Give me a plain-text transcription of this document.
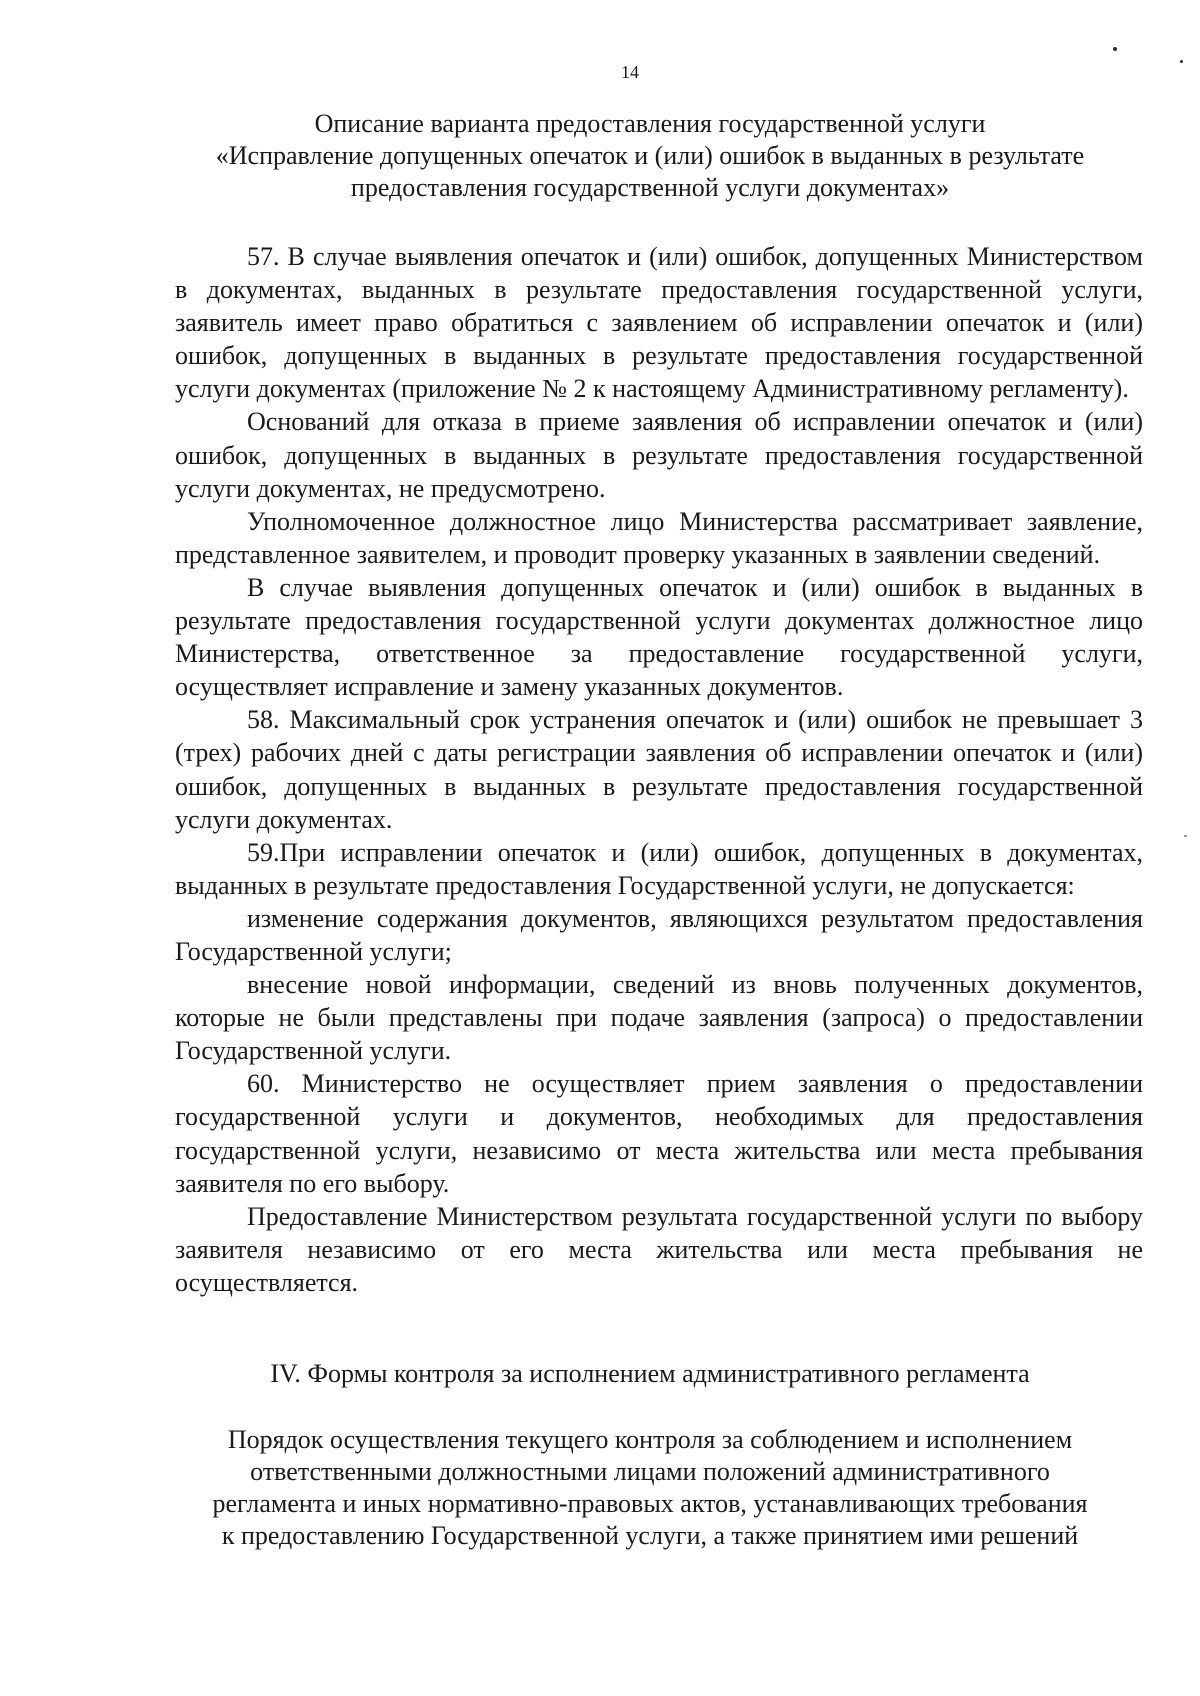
14
Описание варианта предоставления государственной услуги
«Исправление допущенных опечаток и (или) ошибок в выданных в результате
предоставления государственной услуги документах»

57. В случае выявления опечаток и (или) ошибок, допущенных Министерством в документах, выданных в результате предоставления государственной услуги, заявитель имеет право обратиться с заявлением об исправлении опечаток и (или) ошибок, допущенных в выданных в результате предоставления государственной услуги документах (приложение № 2 к настоящему Административному регламенту).

Оснований для отказа в приеме заявления об исправлении опечаток и (или) ошибок, допущенных в выданных в результате предоставления государственной услуги документах, не предусмотрено.

Уполномоченное должностное лицо Министерства рассматривает заявление, представленное заявителем, и проводит проверку указанных в заявлении сведений.

В случае выявления допущенных опечаток и (или) ошибок в выданных в результате предоставления государственной услуги документах должностное лицо Министерства, ответственное за предоставление государственной услуги, осуществляет исправление и замену указанных документов.

58. Максимальный срок устранения опечаток и (или) ошибок не превышает 3 (трех) рабочих дней с даты регистрации заявления об исправлении опечаток и (или) ошибок, допущенных в выданных в результате предоставления государственной услуги документах.

59.При исправлении опечаток и (или) ошибок, допущенных в документах, выданных в результате предоставления Государственной услуги, не допускается:

изменение содержания документов, являющихся результатом предоставления Государственной услуги;

внесение новой информации, сведений из вновь полученных документов, которые не были представлены при подаче заявления (запроса) о предоставлении Государственной услуги.

60. Министерство не осуществляет прием заявления о предоставлении государственной услуги и документов, необходимых для предоставления государственной услуги, независимо от места жительства или места пребывания заявителя по его выбору.

Предоставление Министерством результата государственной услуги по выбору заявителя независимо от его места жительства или места пребывания не осуществляется.

IV. Формы контроля за исполнением административного регламента
Порядок осуществления текущего контроля за соблюдением и исполнением
ответственными должностными лицами положений административного
регламента и иных нормативно-правовых актов, устанавливающих требования
к предоставлению Государственной услуги, а также принятием ими решений
